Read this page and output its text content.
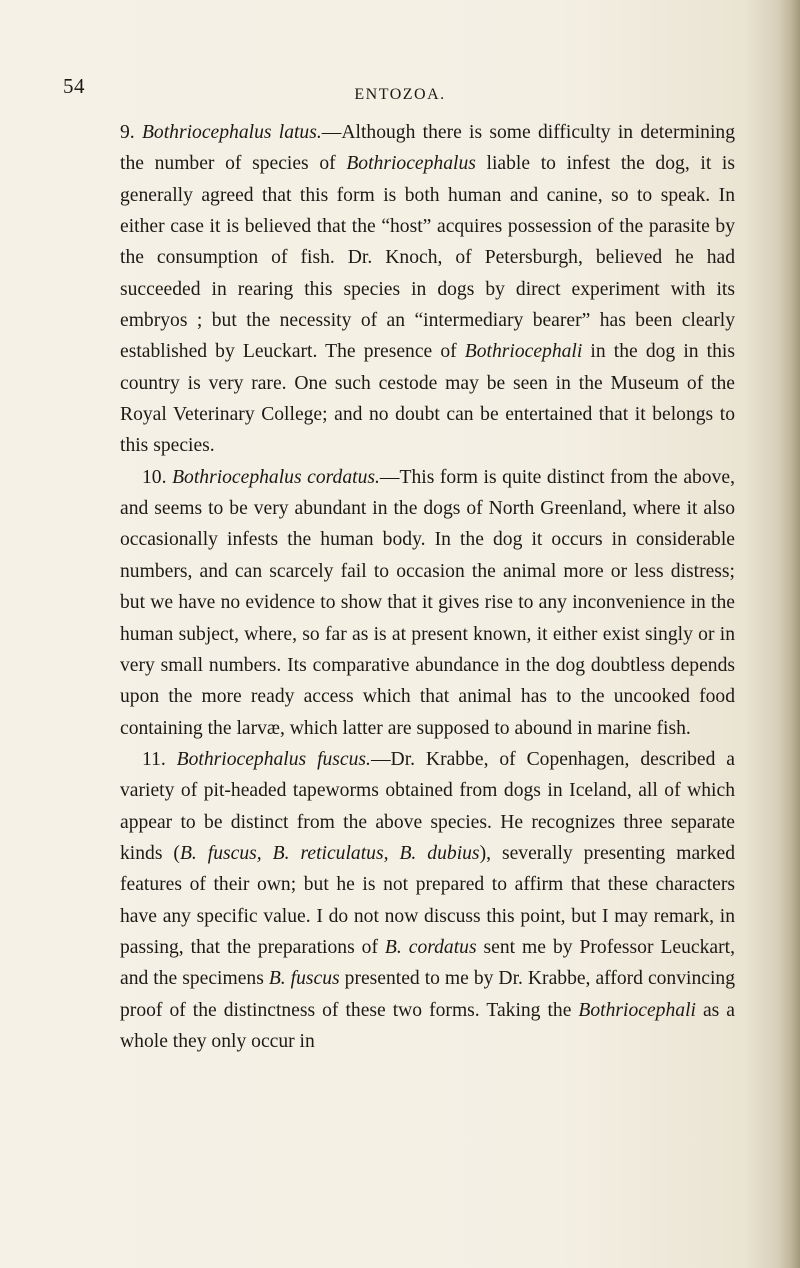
54	ENTOZOA.

9. Bothriocephalus latus.—Although there is some difficulty in determining the number of species of Bothriocephalus liable to infest the dog, it is generally agreed that this form is both human and canine, so to speak. In either case it is believed that the “host” acquires possession of the parasite by the consumption of fish. Dr. Knoch, of Petersburgh, believed he had succeeded in rearing this species in dogs by direct experiment with its embryos ; but the necessity of an “intermediary bearer” has been clearly established by Leuckart. The presence of Bothriocephali in the dog in this country is very rare. One such cestode may be seen in the Museum of the Royal Veterinary College; and no doubt can be entertained that it belongs to this species.

10. Bothriocephalus cordatus.—This form is quite distinct from the above, and seems to be very abundant in the dogs of North Greenland, where it also occasionally infests the human body. In the dog it occurs in considerable numbers, and can scarcely fail to occasion the animal more or less distress; but we have no evidence to show that it gives rise to any inconvenience in the human subject, where, so far as is at present known, it either exist singly or in very small numbers. Its comparative abundance in the dog doubtless depends upon the more ready access which that animal has to the uncooked food containing the larvæ, which latter are supposed to abound in marine fish.

11. Bothriocephalus fuscus.—Dr. Krabbe, of Copenhagen, described a variety of pit-headed tapeworms obtained from dogs in Iceland, all of which appear to be distinct from the above species. He recognizes three separate kinds (B. fuscus, B. reticulatus, B. dubius), severally presenting marked features of their own; but he is not prepared to affirm that these characters have any specific value. I do not now discuss this point, but I may remark, in passing, that the preparations of B. cordatus sent me by Professor Leuckart, and the specimens B. fuscus presented to me by Dr. Krabbe, afford convincing proof of the distinctness of these two forms. Taking the Bothriocephali as a whole they only occur in
